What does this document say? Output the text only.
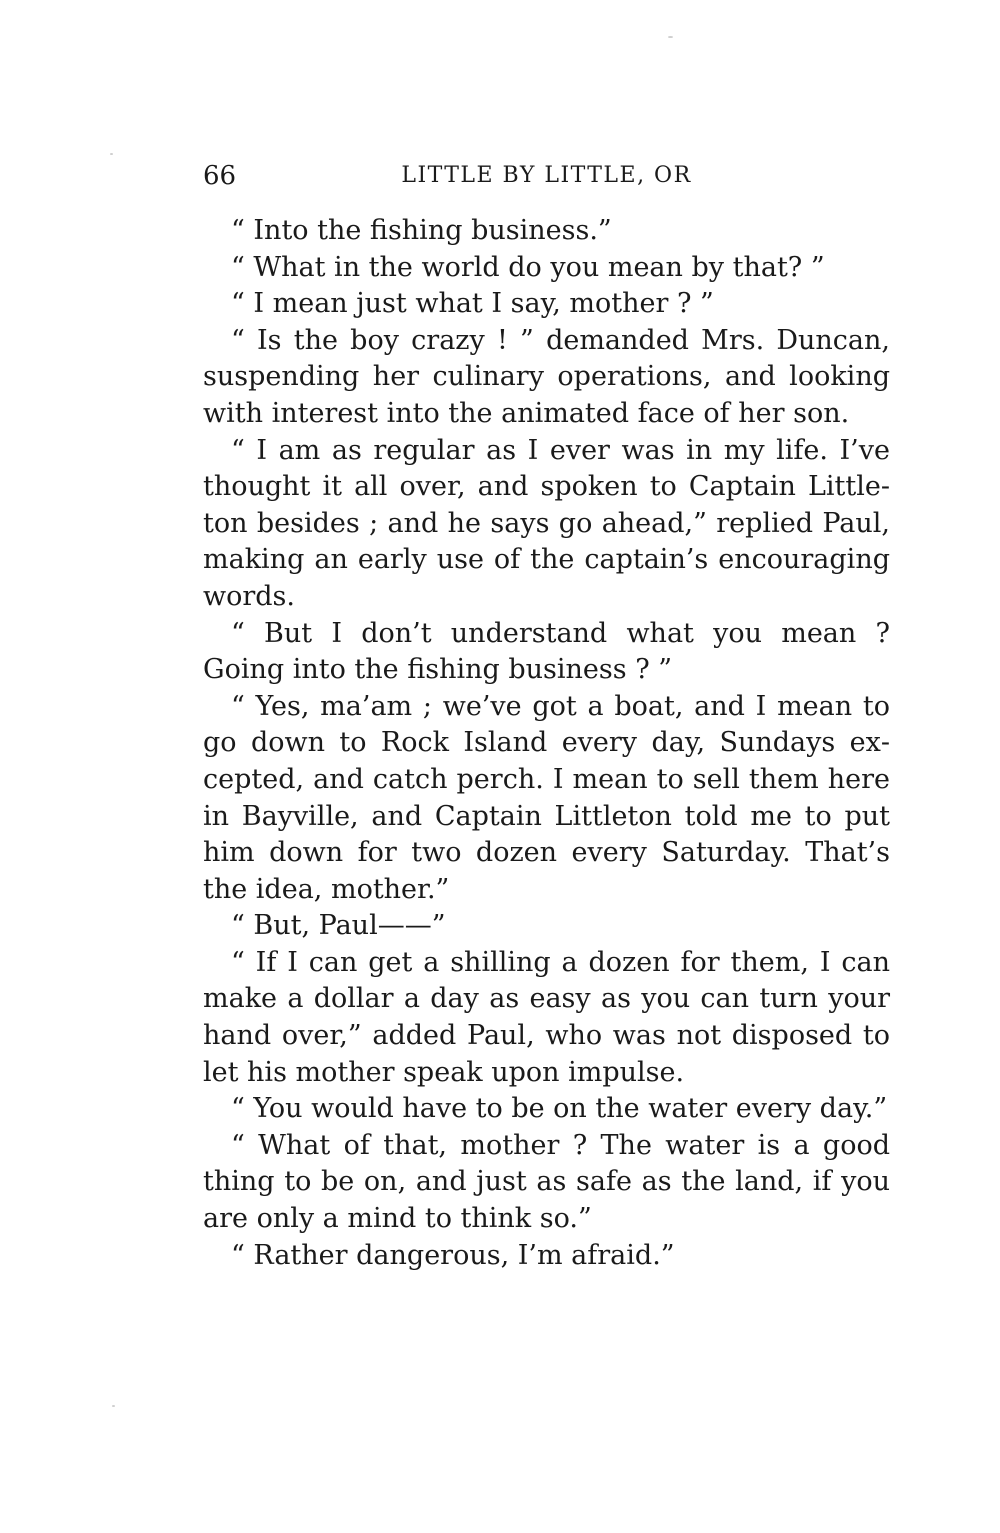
66	LITTLE BY LITTLE, OR

“ Into the fishing business.”

“ What in the world do you mean by that? ”

“ I mean just what I say, mother ? ”

“ Is the boy crazy ! ” demanded Mrs. Duncan, suspending her culinary operations, and looking with interest into the animated face of her son.

“ I am as regular as I ever was in my life. I’ve thought it all over, and spoken to Captain Littleton besides ; and he says go ahead,” replied Paul, making an early use of the captain’s encouraging words.

“ But I don’t understand what you mean ? Going into the fishing business ? ”

“ Yes, ma’am ; we’ve got a boat, and I mean to go down to Rock Island every day, Sundays excepted, and catch perch. I mean to sell them here in Bayville, and Captain Littleton told me to put him down for two dozen every Saturday. That’s the idea, mother.”

“ But, Paul——”

“ If I can get a shilling a dozen for them, I can make a dollar a day as easy as you can turn your hand over,” added Paul, who was not disposed to let his mother speak upon impulse.

“ You would have to be on the water every day.”

“ What of that, mother ? The water is a good thing to be on, and just as safe as the land, if you are only a mind to think so.”

“ Rather dangerous, I’m afraid.”
